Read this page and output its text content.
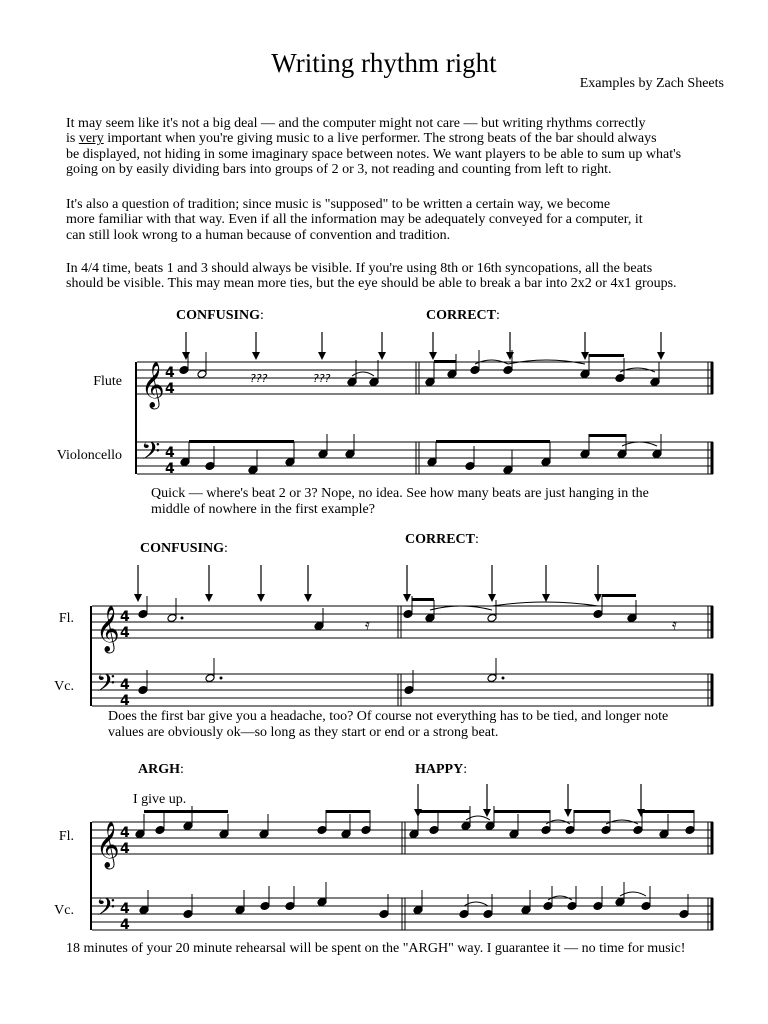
Writing rhythm right
Examples by Zach Sheets
It may seem like it's not a big deal — and the computer might not care — but writing rhythms correctly
is very important when you're giving music to a live performer. The strong beats of the bar should always
be displayed, not hiding in some imaginary space between notes. We want players to be able to sum up what's
going on by easily dividing bars into groups of 2 or 3, not reading and counting from left to right.
It's also a question of tradition; since music is "supposed" to be written a certain way, we become
more familiar with that way. Even if all the information may be adequately conveyed for a computer, it
can still look wrong to a human because of convention and tradition.
In 4/4 time, beats 1 and 3 should always be visible. If you're using 8th or 16th syncopations, all the beats
should be visible. This may mean more ties, but the eye should be able to break a bar into 2x2 or 4x1 groups.
CONFUSING:	CORRECT:
Flute
Violoncello
Quick — where's beat 2 or 3? Nope, no idea. See how many beats are just hanging in the
middle of nowhere in the first example?
CONFUSING:
CORRECT:
Fl.
Vc.
Does the first bar give you a headache, too? Of course not everything has to be tied, and longer note
values are obviously ok—so long as they start or end or a strong beat.
ARGH:	HAPPY:
I give up.
Fl.
Vc.
18 minutes of your 20 minute rehearsal will be spent on the "ARGH" way. I guarantee it — no time for music!
𝄞
𝄢
4
4
4
4
???	???
𝄞
𝄢
4
4
4
4
𝄿	𝄿
𝄞
𝄢
4
4
4
4
